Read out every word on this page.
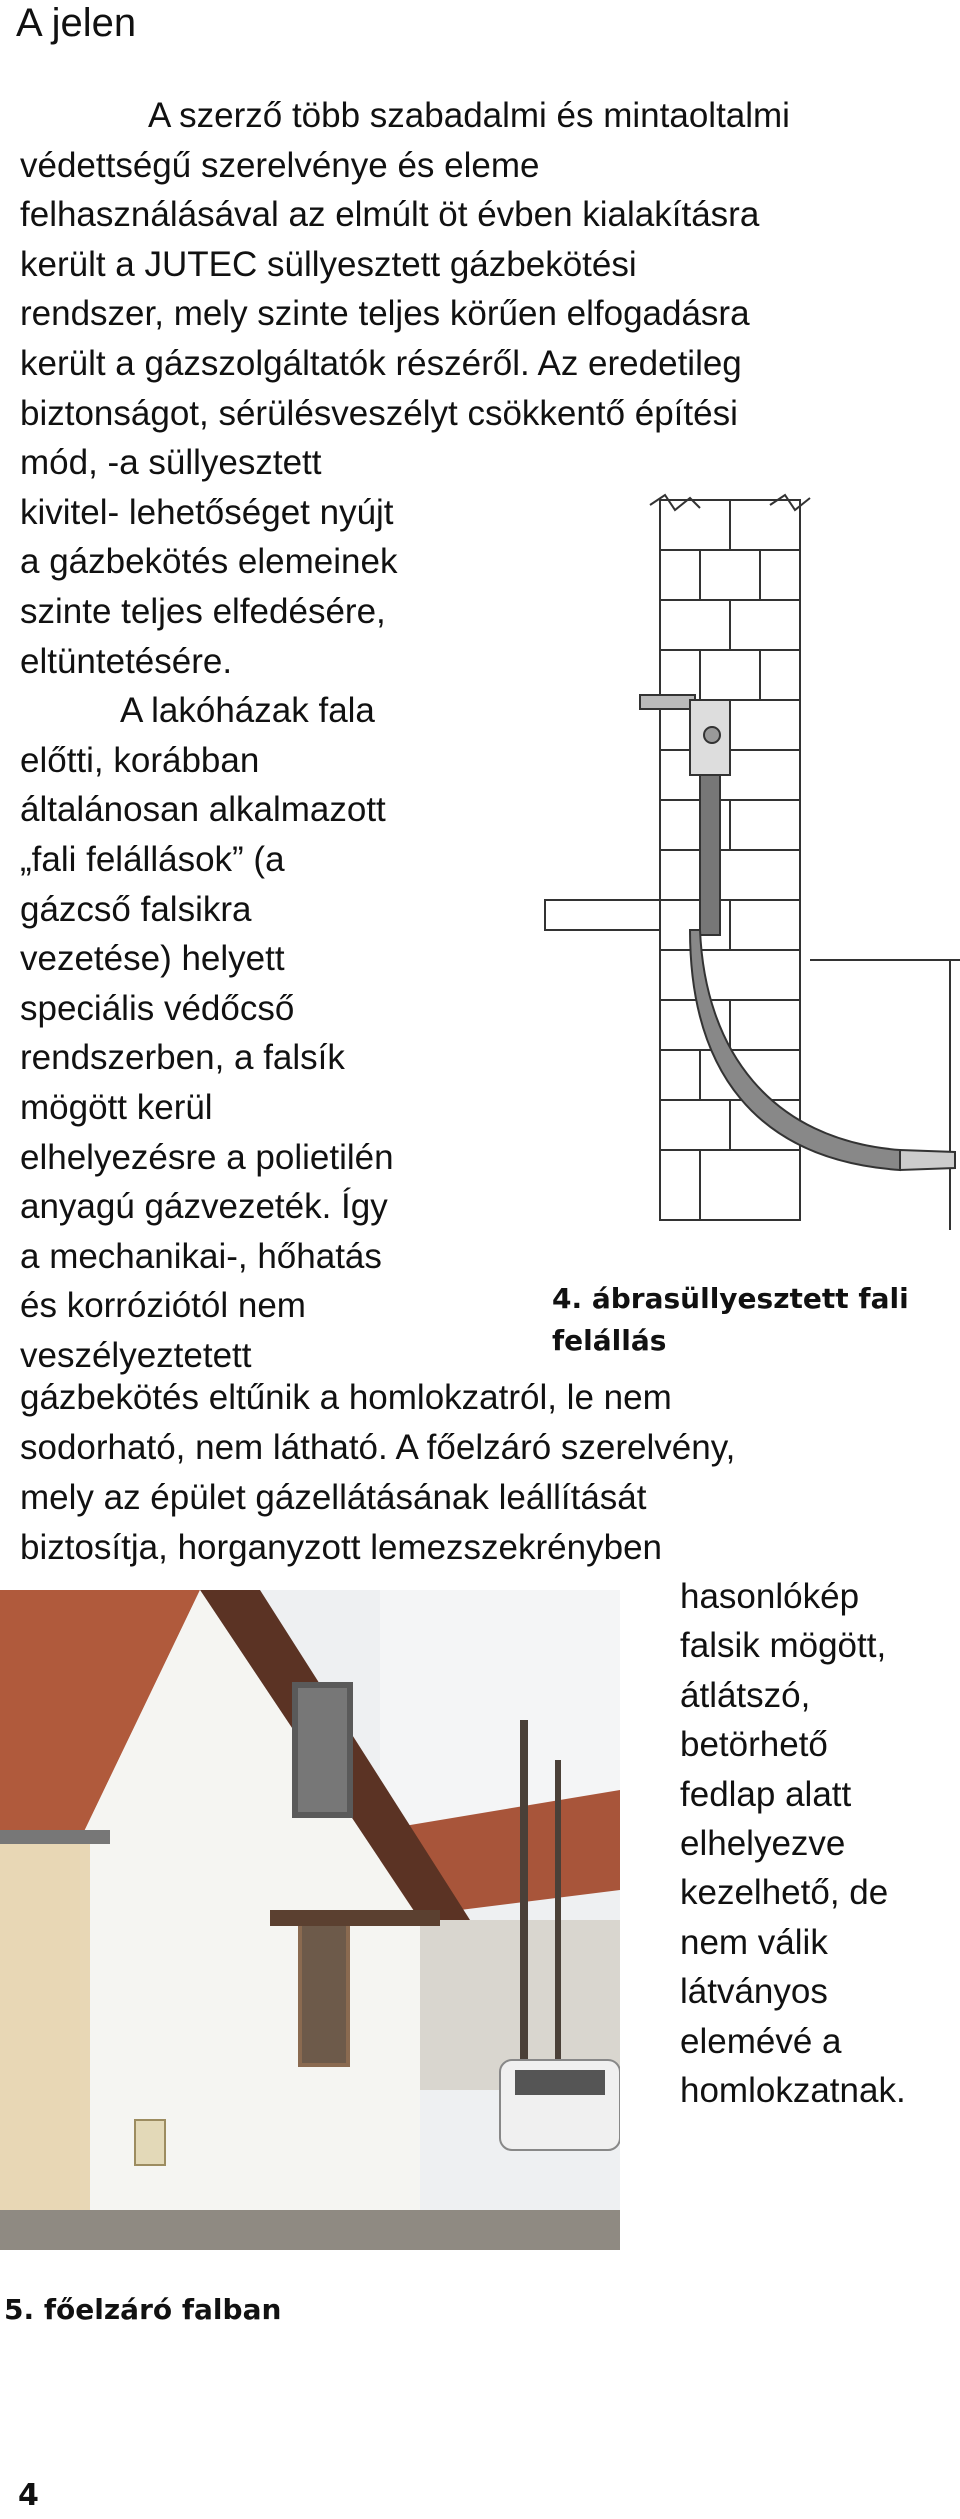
A jelen
A szerző több szabadalmi és mintaoltalmi
védettségű szerelvénye és eleme
felhasználásával az elmúlt öt évben kialakításra
került a JUTEC süllyesztett gázbekötési
rendszer, mely szinte teljes körűen elfogadásra
került a gázszolgáltatók részéről. Az eredetileg
biztonságot, sérülésveszélyt csökkentő építési
mód, -a süllyesztett
kivitel- lehetőséget nyújt
a gázbekötés elemeinek
szinte teljes elfedésére,
eltüntetésére.
A lakóházak fala
előtti, korábban
általánosan alkalmazott
„fali felállások” (a
gázcső falsikra
vezetése) helyett
speciális védőcső
rendszerben, a falsík
mögött kerül
elhelyezésre a polietilén
anyagú gázvezeték. Így
a mechanikai-, hőhatás
és korróziótól nem
veszélyeztetett
gázbekötés eltűnik a homlokzatról, le nem
sodorható, nem látható. A főelzáró szerelvény,
mely az épület gázellátásának leállítását
biztosítja, horganyzott lemezszekrényben
hasonlókép
falsik mögött,
átlátszó,
betörhető
fedlap alatt
elhelyezve
kezelhető, de
nem válik
látványos
elemévé a
homlokzatnak.
4. ábrasüllyesztett fali
felállás
5. főelzáró falban
4
